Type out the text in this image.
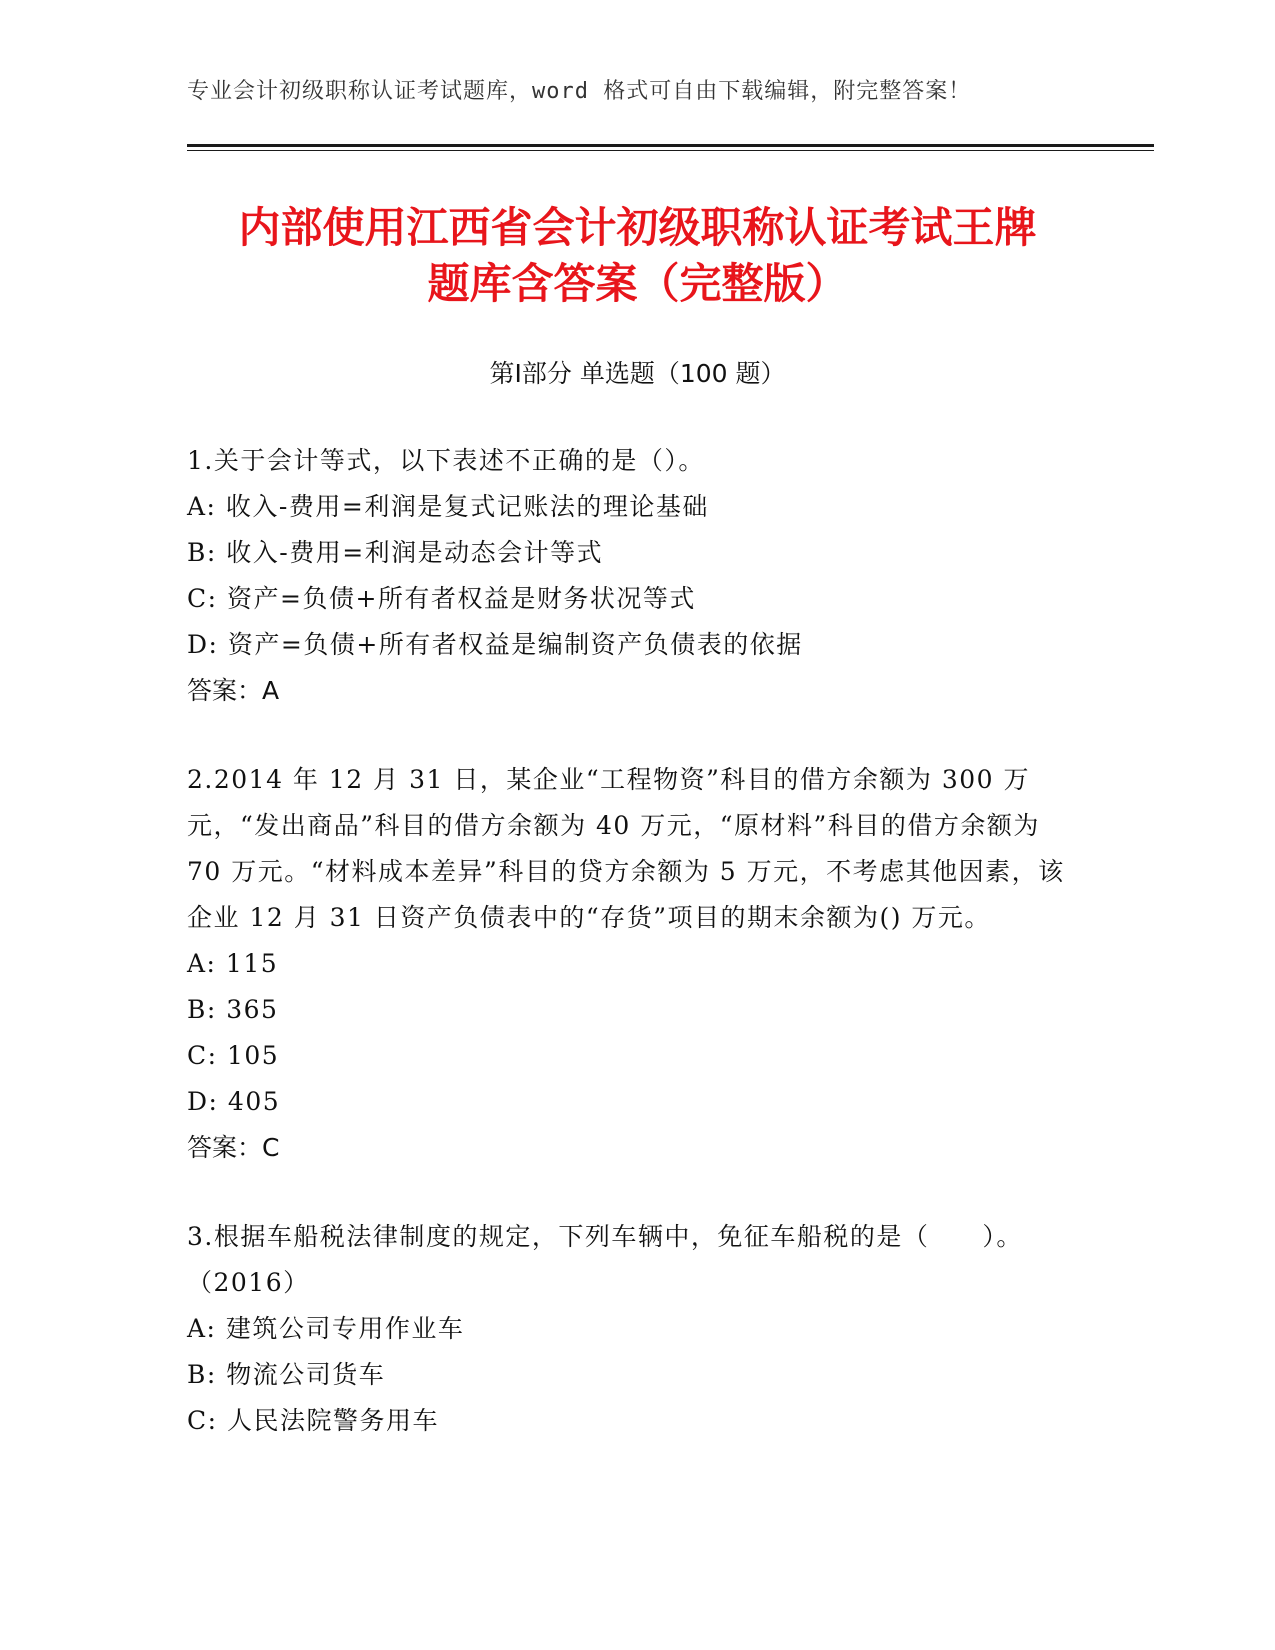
专业会计初级职称认证考试题库，word 格式可自由下载编辑，附完整答案！
内部使用江西省会计初级职称认证考试王牌
题库含答案（完整版）
第Ⅰ部分 单选题（100 题）

1.关于会计等式，以下表述不正确的是（）。

A: 收入-费用=利润是复式记账法的理论基础

B: 收入-费用=利润是动态会计等式

C: 资产=负债+所有者权益是财务状况等式

D: 资产=负债+所有者权益是编制资产负债表的依据

答案：A

2.2014 年 12 月 31 日，某企业“工程物资”科目的借方余额为 300 万元，“发出商品”科目的借方余额为 40 万元，“原材料”科目的借方余额为 70 万元。“材料成本差异”科目的贷方余额为 5 万元，不考虑其他因素，该企业 12 月 31 日资产负债表中的“存货”项目的期末余额为() 万元。

A: 115

B: 365

C: 105

D: 405

答案：C

3.根据车船税法律制度的规定，下列车辆中，免征车船税的是（　　）。（2016）

A: 建筑公司专用作业车

B: 物流公司货车

C: 人民法院警务用车
